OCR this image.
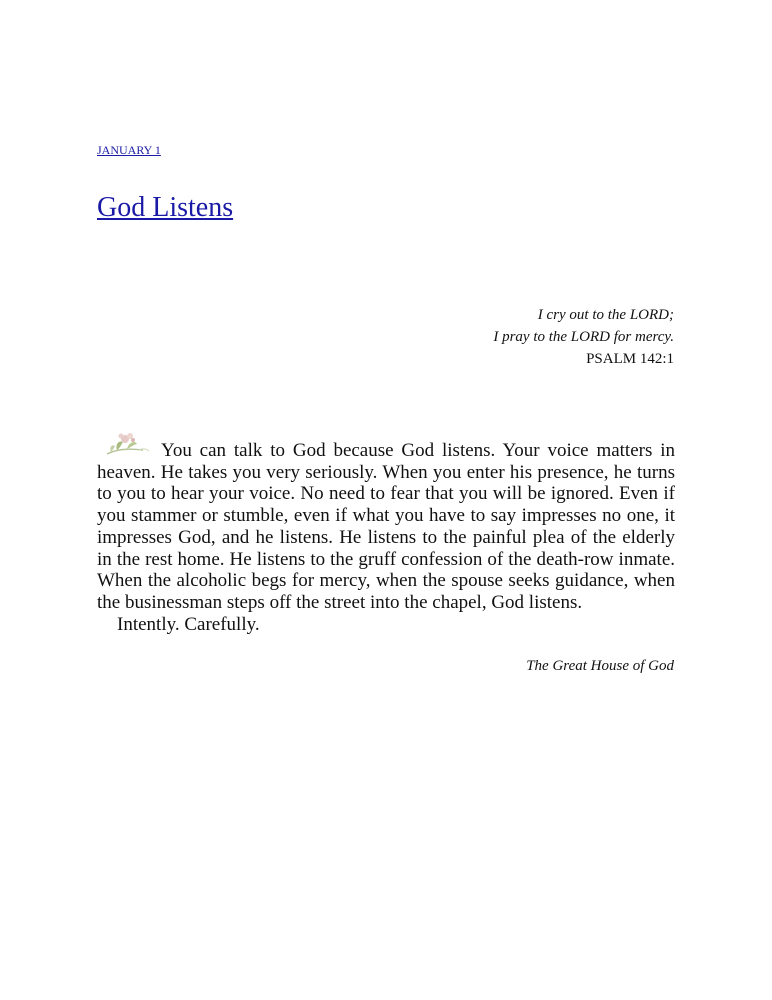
JANUARY 1
God Listens
I cry out to the LORD;
I pray to the LORD for mercy.
PSALM 142:1

You can talk to God because God listens. Your voice matters in heaven. He takes you very seriously. When you enter his presence, he turns to you to hear your voice. No need to fear that you will be ignored. Even if you stammer or stumble, even if what you have to say impresses no one, it impresses God, and he listens. He listens to the painful plea of the elderly in the rest home. He listens to the gruff confession of the death-row inmate. When the alcoholic begs for mercy, when the spouse seeks guidance, when the businessman steps off the street into the chapel, God listens.

Intently. Carefully.

The Great House of God
